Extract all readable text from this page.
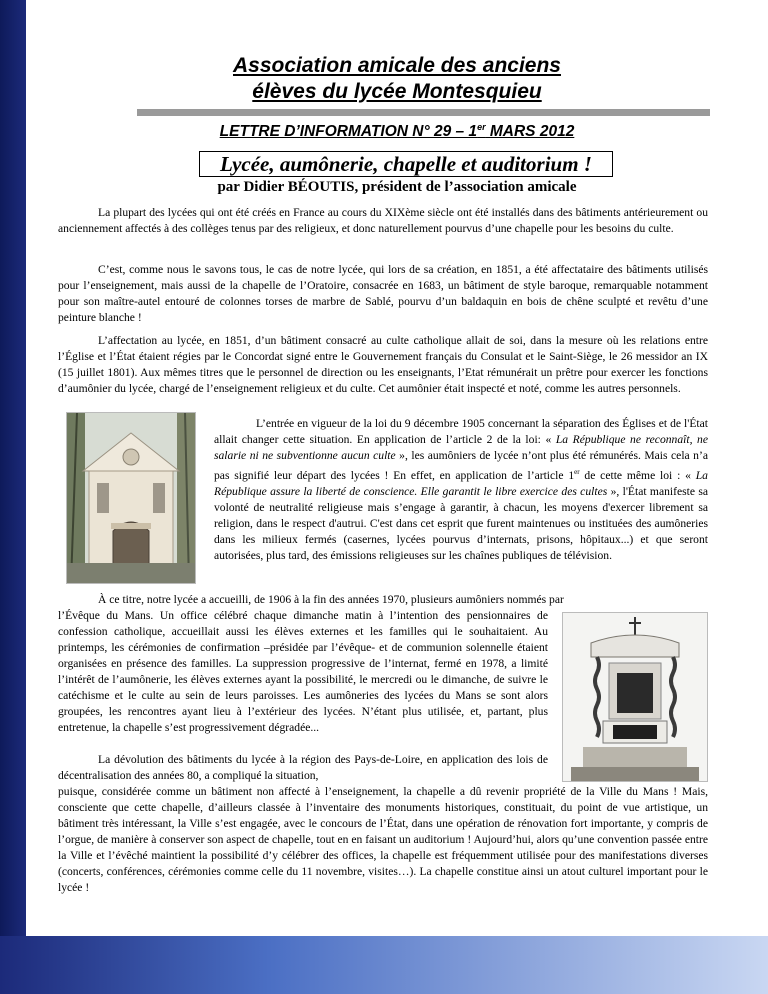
Association amicale des anciens
élèves du lycée Montesquieu
LETTRE D’INFORMATION N° 29 – 1er MARS 2012
Lycée, aumônerie, chapelle et auditorium !
par Didier BÉOUTIS, président de l’association amicale

La plupart des lycées qui ont été créés en France au cours du XIXème siècle ont été installés dans des bâtiments antérieurement ou anciennement affectés à des collèges tenus par des religieux, et donc naturellement pourvus d’une chapelle pour les besoins du culte.

C’est, comme nous le savons tous, le cas de notre lycée, qui lors de sa création, en 1851, a été affectataire des bâtiments utilisés pour l’enseignement, mais aussi de la chapelle de l’Oratoire, consacrée en 1683, un bâtiment de style baroque, remarquable notamment pour son maître-autel entouré de colonnes torses de marbre de Sablé, pourvu d’un baldaquin en bois de chêne sculpté et revêtu d’une peinture blanche !

L’affectation au lycée, en 1851, d’un bâtiment consacré au culte catholique allait de soi, dans la mesure où les relations entre l’Église et l’État étaient régies par le Concordat signé entre le Gouvernement français du Consulat et le Saint-Siège, le 26 messidor an IX (15 juillet 1801). Aux mêmes titres que le personnel de direction ou les enseignants, l’Etat rémunérait un prêtre pour exercer les fonctions d’aumônier du lycée, chargé de l’enseignement religieux et du culte. Cet aumônier était inspecté et noté, comme les autres personnels.

L’entrée en vigueur de la loi du 9 décembre 1905 concernant la séparation des Églises et de l'État allait changer cette situation. En application de l’article 2 de la loi: « La République ne reconnaît, ne salarie ni ne subventionne aucun culte », les aumôniers de lycée n’ont plus été rémunérés. Mais cela n’a pas signifié leur départ des lycées ! En effet, en application de l’article 1er de cette même loi : « La République assure la liberté de conscience. Elle garantit le libre exercice des cultes », l'État manifeste sa volonté de neutralité religieuse mais s’engage à garantir, à chacun, les moyens d'exercer librement sa religion, dans le respect d'autrui. C'est dans cet esprit que furent maintenues ou instituées des aumôneries dans les milieux fermés (casernes, lycées pourvus d’internats, prisons, hôpitaux...) et que seront autorisées, plus tard, des émissions religieuses sur les chaînes publiques de télévision.

À ce titre, notre lycée a accueilli, de 1906 à la fin des années 1970, plusieurs aumôniers nommés par

l’Évêque du Mans. Un office célébré chaque dimanche matin à l’intention des pensionnaires de confession catholique, accueillait aussi les élèves externes et les familles qui le souhaitaient. Au printemps, les cérémonies de confirmation –présidée par l’évêque- et de communion solennelle étaient organisées en présence des familles. La suppression progressive de l’internat, fermé en 1978, a limité l’intérêt de l’aumônerie, les élèves externes ayant la possibilité, le mercredi ou le dimanche, de suivre le catéchisme et le culte au sein de leurs paroisses. Les aumôneries des lycées du Mans se sont alors groupées, les rencontres ayant lieu à l’extérieur des lycées. N’étant plus utilisée, et, partant, plus entretenue, la chapelle s’est progressivement dégradée...

La dévolution des bâtiments du lycée à la région des Pays-de-Loire, en application des lois de décentralisation des années 80, a compliqué la situation,

puisque, considérée comme un bâtiment non affecté à l’enseignement, la chapelle a dû revenir propriété de la Ville du Mans ! Mais, consciente que cette chapelle, d’ailleurs classée à l’inventaire des monuments historiques, constituait, du point de vue artistique, un bâtiment très intéressant, la Ville s’est engagée, avec le concours de l’État, dans une opération de rénovation fort importante, y compris de l’orgue, de manière à conserver son aspect de chapelle, tout en en faisant un auditorium ! Aujourd’hui, alors qu’une convention passée entre la Ville et l’évêché maintient la possibilité d’y célébrer des offices, la chapelle est fréquemment utilisée pour des manifestations diverses (concerts, conférences, cérémonies comme celle du 11 novembre, visites…). La chapelle constitue ainsi un atout culturel important pour le lycée !
